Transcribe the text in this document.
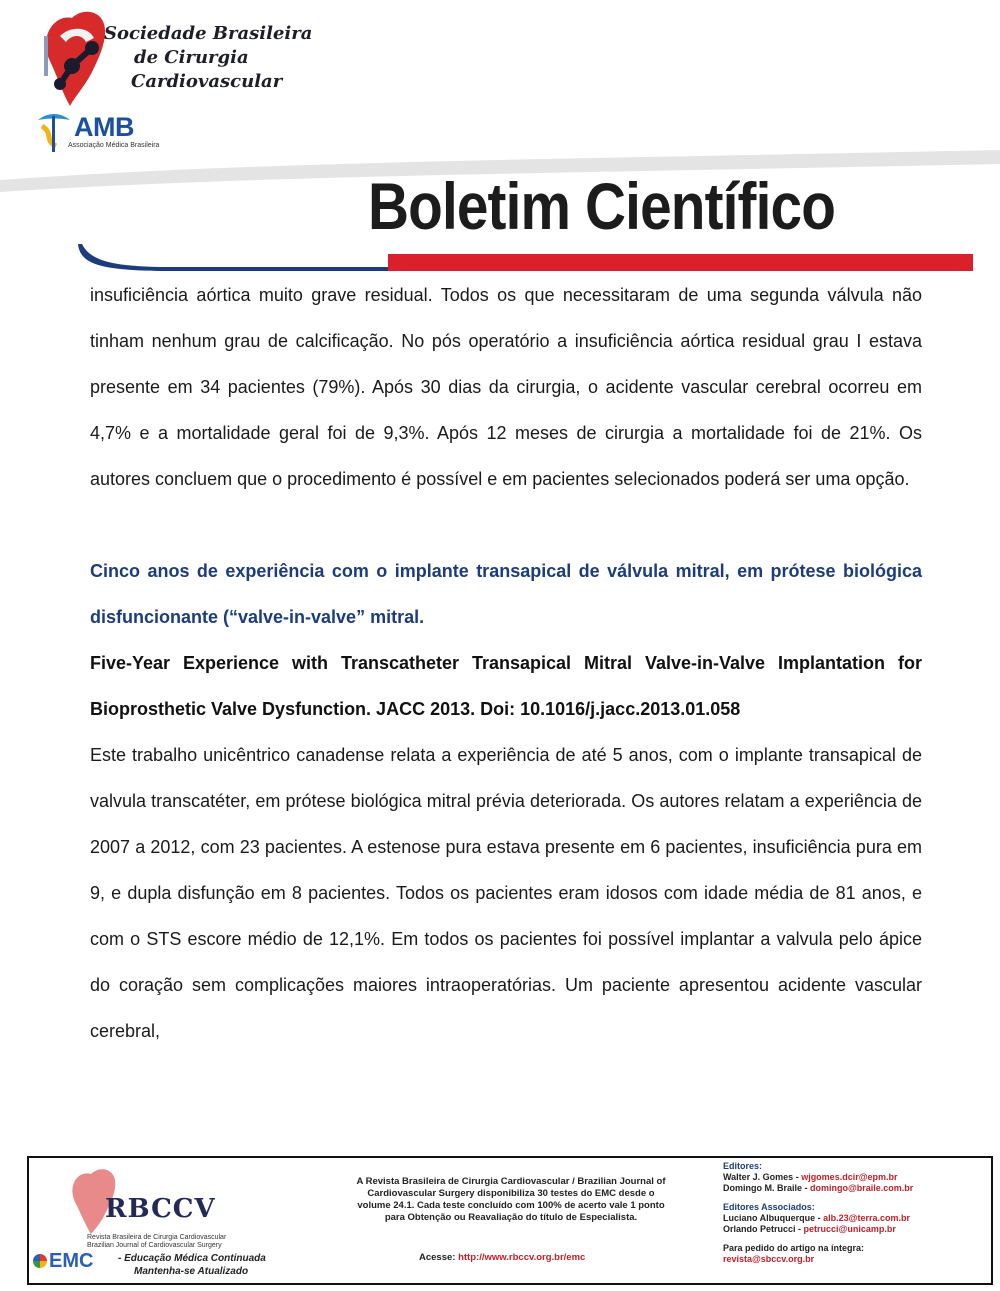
Sociedade Brasileira
de Cirurgia
Cardiovascular
AMB
Associação Médica Brasileira
Boletim Científico

insuficiência aórtica muito grave residual. Todos os que necessitaram de uma segunda válvula não tinham nenhum grau de calcificação. No pós operatório a insuficiência aórtica residual grau I estava presente em 34 pacientes (79%). Após 30 dias da cirurgia, o acidente vascular cerebral ocorreu em 4,7% e a mortalidade geral foi de 9,3%. Após 12 meses de cirurgia a mortalidade foi de 21%. Os autores concluem que o procedimento é possível e em pacientes selecionados poderá ser uma opção.

Cinco anos de experiência com o implante transapical de válvula mitral, em prótese biológica disfuncionante (“valve-in-valve” mitral.

Five-Year Experience with Transcatheter Transapical Mitral Valve-in-Valve Implantation for Bioprosthetic Valve Dysfunction. JACC 2013. Doi: 10.1016/j.jacc.2013.01.058

Este trabalho unicêntrico canadense relata a experiência de até 5 anos, com o implante transapical de valvula transcatéter, em prótese biológica mitral prévia deteriorada. Os autores relatam a experiência de 2007 a 2012, com 23 pacientes. A estenose pura estava presente em 6 pacientes, insuficiência pura em 9, e dupla disfunção em 8 pacientes. Todos os pacientes eram idosos com idade média de 81 anos, e com o STS escore médio de 12,1%. Em todos os pacientes foi possível implantar a valvula pelo ápice do coração sem complicações maiores intraoperatórias. Um paciente apresentou acidente vascular cerebral,

RBCCV
Revista Brasileira de Cirurgia Cardiovascular
Brazilian Journal of Cardiovascular Surgery
EMC - Educação Médica Continuada
Mantenha-se Atualizado
A Revista Brasileira de Cirurgia Cardiovascular / Brazilian Journal of Cardiovascular Surgery disponibiliza 30 testes do EMC desde o volume 24.1. Cada teste concluído com 100% de acerto vale 1 ponto para Obtenção ou Reavaliação do título de Especialista.
Acesse: http://www.rbccv.org.br/emc
Editores:
Walter J. Gomes - wjgomes.dcir@epm.br
Domingo M. Braile - domingo@braile.com.br
Editores Associados:
Luciano Albuquerque - alb.23@terra.com.br
Orlando Petrucci - petrucci@unicamp.br
Para pedido do artigo na íntegra:
revista@sbccv.org.br
